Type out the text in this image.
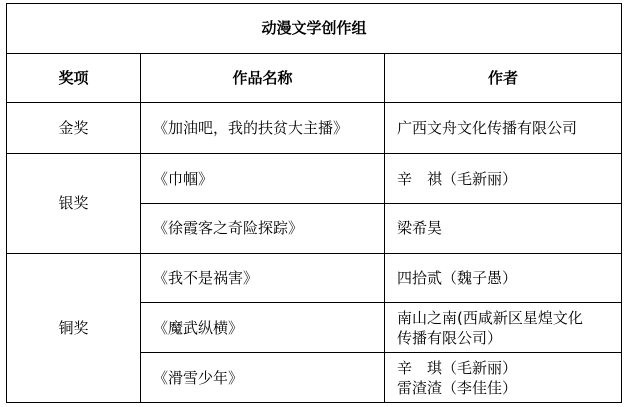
动漫文学创作组		
奖项	作品名称	作者
金奖	《加油吧，我的扶贫大主播》	广西文舟文化传播有限公司
银奖	《巾帼》	辛　祺（毛新丽）
	《徐霞客之奇险探踪》	梁希昊
铜奖	《我不是祸害》	四拾贰（魏子愚）
	《魔武纵横》	南山之南(西咸新区星煌文化
传播有限公司）

	《滑雪少年》	辛　琪（毛新丽）
雷渣渣（李佳佳）
